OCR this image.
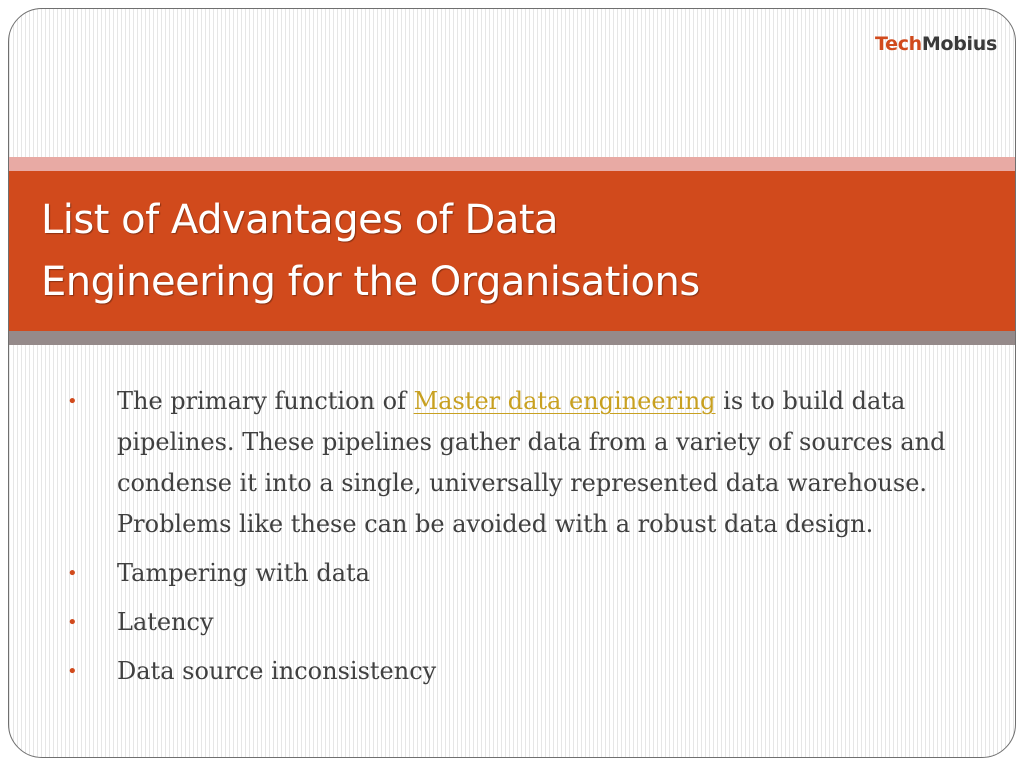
TechMobius
List of Advantages of Data
Engineering for the Organisations
• The primary function of Master data engineering is to build data
pipelines. These pipelines gather data from a variety of sources and
condense it into a single, universally represented data warehouse.
Problems like these can be avoided with a robust data design.
• Tampering with data
• Latency
• Data source inconsistency
